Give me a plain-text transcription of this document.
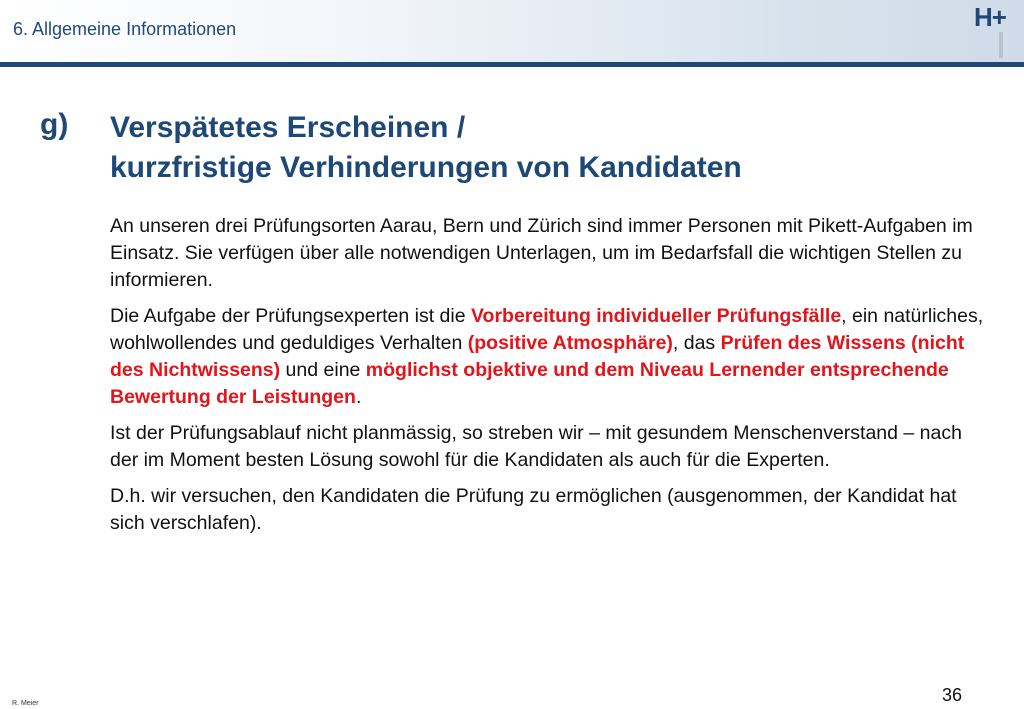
6. Allgemeine Informationen	H+
g) Verspätetes Erscheinen /
kurzfristige Verhinderungen von Kandidaten

An unseren drei Prüfungsorten Aarau, Bern und Zürich sind immer Personen mit Pikett-Aufgaben im Einsatz. Sie verfügen über alle notwendigen Unterlagen, um im Bedarfsfall die wichtigen Stellen zu informieren.

Die Aufgabe der Prüfungsexperten ist die Vorbereitung individueller Prüfungsfälle, ein natürliches, wohlwollendes und geduldiges Verhalten (positive Atmosphäre), das Prüfen des Wissens (nicht des Nichtwissens) und eine möglichst objektive und dem Niveau Lernender entsprechende Bewertung der Leistungen.

Ist der Prüfungsablauf nicht planmässig, so streben wir – mit gesundem Menschenverstand – nach der im Moment besten Lösung sowohl für die Kandidaten als auch für die Experten.

D.h. wir versuchen, den Kandidaten die Prüfung zu ermöglichen (ausgenommen, der Kandidat hat sich verschlafen).

36
R. Meier
